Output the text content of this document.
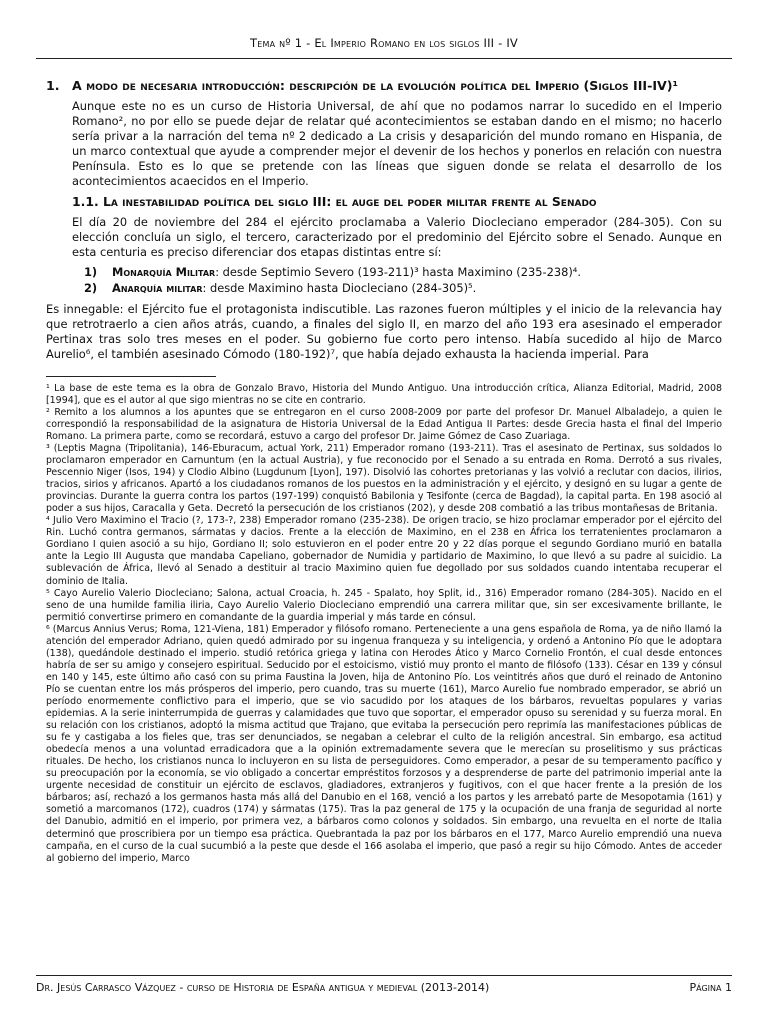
Tema nº 1 - El Imperio Romano en los siglos III - IV
1. A modo de necesaria introducción: descripción de la evolución política del Imperio (Siglos III-IV)¹

Aunque este no es un curso de Historia Universal, de ahí que no podamos narrar lo sucedido en el Imperio Romano², no por ello se puede dejar de relatar qué acontecimientos se estaban dando en el mismo; no hacerlo sería privar a la narración del tema nº 2 dedicado a La crisis y desaparición del mundo romano en Hispania, de un marco contextual que ayude a comprender mejor el devenir de los hechos y ponerlos en relación con nuestra Península. Esto es lo que se pretende con las líneas que siguen donde se relata el desarrollo de los acontecimientos acaecidos en el Imperio.

1.1. La inestabilidad política del siglo III: el auge del poder militar frente al Senado

El día 20 de noviembre del 284 el ejército proclamaba a Valerio Diocleciano emperador (284-305). Con su elección concluía un siglo, el tercero, caracterizado por el predominio del Ejército sobre el Senado. Aunque en esta centuria es preciso diferenciar dos etapas distintas entre sí:

1)	Monarquía Militar: desde Septimio Severo (193-211)³ hasta Maximino (235-238)⁴.
2)	Anarquía militar: desde Maximino hasta Diocleciano (284-305)⁵.

Es innegable: el Ejército fue el protagonista indiscutible. Las razones fueron múltiples y el inicio de la relevancia hay que retrotraerlo a cien años atrás, cuando, a finales del siglo II, en marzo del año 193 era asesinado el emperador Pertinax tras solo tres meses en el poder. Su gobierno fue corto pero intenso. Había sucedido al hijo de Marco Aurelio⁶, el también asesinado Cómodo (180-192)⁷, que había dejado exhausta la hacienda imperial. Para

¹ La base de este tema es la obra de Gonzalo Bravo, Historia del Mundo Antiguo. Una introducción crítica, Alianza Editorial, Madrid, 2008 [1994], que es el autor al que sigo mientras no se cite en contrario.

² Remito a los alumnos a los apuntes que se entregaron en el curso 2008-2009 por parte del profesor Dr. Manuel Albaladejo, a quien le correspondió la responsabilidad de la asignatura de Historia Universal de la Edad Antigua II Partes: desde Grecia hasta el final del Imperio Romano. La primera parte, como se recordará, estuvo a cargo del profesor Dr. Jaime Gómez de Caso Zuariaga.

³ (Leptis Magna (Tripolitania), 146-Eburacum, actual York, 211) Emperador romano (193-211). Tras el asesinato de Pertinax, sus soldados lo proclamaron emperador en Carnuntum (en la actual Austria), y fue reconocido por el Senado a su entrada en Roma. Derrotó a sus rivales, Pescennio Niger (Isos, 194) y Clodio Albino (Lugdunum [Lyon], 197). Disolvió las cohortes pretorianas y las volvió a reclutar con dacios, ilirios, tracios, sirios y africanos. Apartó a los ciudadanos romanos de los puestos en la administración y el ejército, y designó en su lugar a gente de provincias. Durante la guerra contra los partos (197-199) conquistó Babilonia y Tesifonte (cerca de Bagdad), la capital parta. En 198 asoció al poder a sus hijos, Caracalla y Geta. Decretó la persecución de los cristianos (202), y desde 208 combatió a las tribus montañesas de Britania.

⁴ Julio Vero Maximino el Tracio (?, 173-?, 238) Emperador romano (235-238). De origen tracio, se hizo proclamar emperador por el ejército del Rin. Luchó contra germanos, sármatas y dacios. Frente a la elección de Maximino, en el 238 en África los terratenientes proclamaron a Gordiano I quien asoció a su hijo, Gordiano II; solo estuvieron en el poder entre 20 y 22 días porque el segundo Gordiano murió en batalla ante la Legio III Augusta que mandaba Capeliano, gobernador de Numidia y partidario de Maximino, lo que llevó a su padre al suicidio. La sublevación de África, llevó al Senado a destituir al tracio Maximino quien fue degollado por sus soldados cuando intentaba recuperar el dominio de Italia.

⁵ Cayo Aurelio Valerio Diocleciano; Salona, actual Croacia, h. 245 - Spalato, hoy Split, id., 316) Emperador romano (284-305). Nacido en el seno de una humilde familia iliria, Cayo Aurelio Valerio Diocleciano emprendió una carrera militar que, sin ser excesivamente brillante, le permitió convertirse primero en comandante de la guardia imperial y más tarde en cónsul.

⁶ (Marcus Annius Verus; Roma, 121-Viena, 181) Emperador y filósofo romano. Perteneciente a una gens española de Roma, ya de niño llamó la atención del emperador Adriano, quien quedó admirado por su ingenua franqueza y su inteligencia, y ordenó a Antonino Pío que le adoptara (138), quedándole destinado el imperio. studió retórica griega y latina con Herodes Ático y Marco Cornelio Frontón, el cual desde entonces habría de ser su amigo y consejero espiritual. Seducido por el estoicismo, vistió muy pronto el manto de filósofo (133). César en 139 y cónsul en 140 y 145, este último año casó con su prima Faustina la Joven, hija de Antonino Pío. Los veintitrés años que duró el reinado de Antonino Pío se cuentan entre los más prósperos del imperio, pero cuando, tras su muerte (161), Marco Aurelio fue nombrado emperador, se abrió un período enormemente conflictivo para el imperio, que se vio sacudido por los ataques de los bárbaros, revueltas populares y varias epidemias. A la serie ininterrumpida de guerras y calamidades que tuvo que soportar, el emperador opuso su serenidad y su fuerza moral. En su relación con los cristianos, adoptó la misma actitud que Trajano, que evitaba la persecución pero reprimía las manifestaciones públicas de su fe y castigaba a los fieles que, tras ser denunciados, se negaban a celebrar el culto de la religión ancestral. Sin embargo, esa actitud obedecía menos a una voluntad erradicadora que a la opinión extremadamente severa que le merecían su proselitismo y sus prácticas rituales. De hecho, los cristianos nunca lo incluyeron en su lista de perseguidores. Como emperador, a pesar de su temperamento pacífico y su preocupación por la economía, se vio obligado a concertar empréstitos forzosos y a desprenderse de parte del patrimonio imperial ante la urgente necesidad de constituir un ejército de esclavos, gladiadores, extranjeros y fugitivos, con el que hacer frente a la presión de los bárbaros; así, rechazó a los germanos hasta más allá del Danubio en el 168, venció a los partos y les arrebató parte de Mesopotamia (161) y sometió a marcomanos (172), cuadros (174) y sármatas (175). Tras la paz general de 175 y la ocupación de una franja de seguridad al norte del Danubio, admitió en el imperio, por primera vez, a bárbaros como colonos y soldados. Sin embargo, una revuelta en el norte de Italia determinó que proscribiera por un tiempo esa práctica. Quebrantada la paz por los bárbaros en el 177, Marco Aurelio emprendió una nueva campaña, en el curso de la cual sucumbió a la peste que desde el 166 asolaba el imperio, que pasó a regir su hijo Cómodo. Antes de acceder al gobierno del imperio, Marco

Dr. Jesús Carrasco Vázquez - curso de Historia de España antigua y medieval (2013-2014)	Página 1
